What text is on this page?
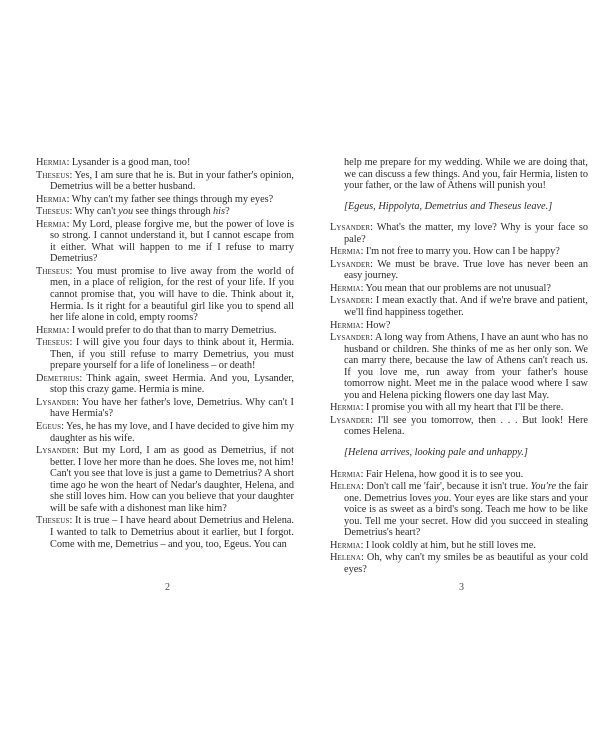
Hermia: Lysander is a good man, too!

Theseus: Yes, I am sure that he is. But in your father's opinion, Demetrius will be a better husband.

Hermia: Why can't my father see things through my eyes?

Theseus: Why can't you see things through his?

Hermia: My Lord, please forgive me, but the power of love is so strong. I cannot understand it, but I cannot escape from it either. What will happen to me if I refuse to marry Demetrius?

Theseus: You must promise to live away from the world of men, in a place of religion, for the rest of your life. If you cannot promise that, you will have to die. Think about it, Hermia. Is it right for a beautiful girl like you to spend all her life alone in cold, empty rooms?

Hermia: I would prefer to do that than to marry Demetrius.

Theseus: I will give you four days to think about it, Hermia. Then, if you still refuse to marry Demetrius, you must prepare yourself for a life of loneliness – or death!

Demetrius: Think again, sweet Hermia. And you, Lysander, stop this crazy game. Hermia is mine.

Lysander: You have her father's love, Demetrius. Why can't I have Hermia's?

Egeus: Yes, he has my love, and I have decided to give him my daughter as his wife.

Lysander: But my Lord, I am as good as Demetrius, if not better. I love her more than he does. She loves me, not him! Can't you see that love is just a game to Demetrius? A short time ago he won the heart of Nedar's daughter, Helena, and she still loves him. How can you believe that your daughter will be safe with a dishonest man like him?

Theseus: It is true – I have heard about Demetrius and Helena. I wanted to talk to Demetrius about it earlier, but I forgot. Come with me, Demetrius – and you, too, Egeus. You can

2

help me prepare for my wedding. While we are doing that, we can discuss a few things. And you, fair Hermia, listen to your father, or the law of Athens will punish you!

[Egeus, Hippolyta, Demetrius and Theseus leave.]

Lysander: What's the matter, my love? Why is your face so pale?

Hermia: I'm not free to marry you. How can I be happy?

Lysander: We must be brave. True love has never been an easy journey.

Hermia: You mean that our problems are not unusual?

Lysander: I mean exactly that. And if we're brave and patient, we'll find happiness together.

Hermia: How?

Lysander: A long way from Athens, I have an aunt who has no husband or children. She thinks of me as her only son. We can marry there, because the law of Athens can't reach us. If you love me, run away from your father's house tomorrow night. Meet me in the palace wood where I saw you and Helena picking flowers one day last May.

Hermia: I promise you with all my heart that I'll be there.

Lysander: I'll see you tomorrow, then . . . But look! Here comes Helena.

[Helena arrives, looking pale and unhappy.]

Hermia: Fair Helena, how good it is to see you.

Helena: Don't call me 'fair', because it isn't true. You're the fair one. Demetrius loves you. Your eyes are like stars and your voice is as sweet as a bird's song. Teach me how to be like you. Tell me your secret. How did you succeed in stealing Demetrius's heart?

Hermia: I look coldly at him, but he still loves me.

Helena: Oh, why can't my smiles be as beautiful as your cold eyes?

3
